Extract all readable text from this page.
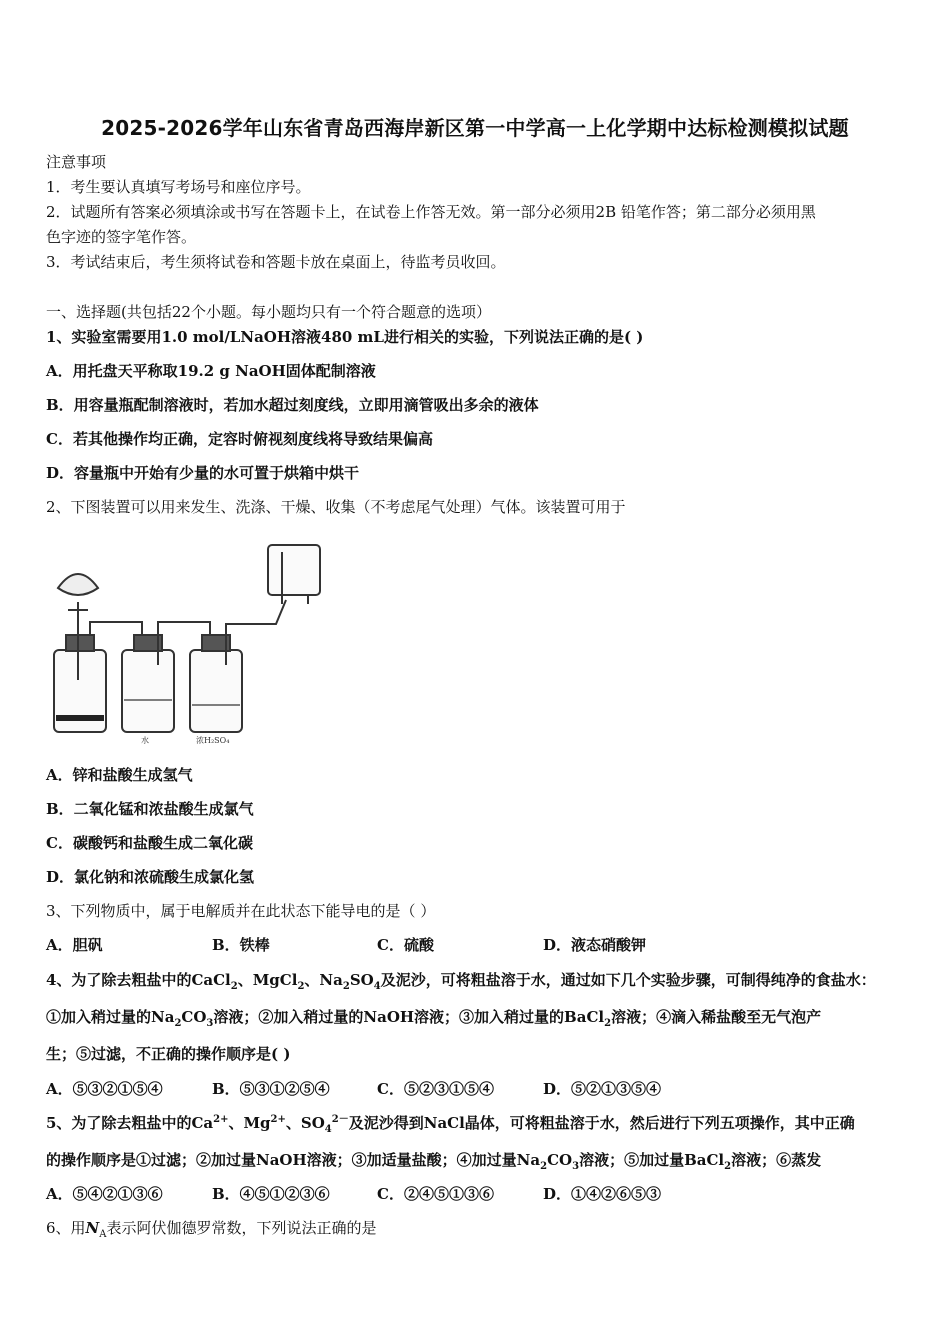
2025-2026学年山东省青岛西海岸新区第一中学高一上化学期中达标检测模拟试题
注意事项
1．考生要认真填写考场号和座位序号。
2．试题所有答案必须填涂或书写在答题卡上，在试卷上作答无效。第一部分必须用2B 铅笔作答；第二部分必须用黑
色字迹的签字笔作答。
3．考试结束后，考生须将试卷和答题卡放在桌面上，待监考员收回。
一、选择题(共包括22个小题。每小题均只有一个符合题意的选项）
1、实验室需要用1.0 mol/LNaOH溶液480 mL进行相关的实验，下列说法正确的是( )
A．用托盘天平称取19.2 g NaOH固体配制溶液
B．用容量瓶配制溶液时，若加水超过刻度线，立即用滴管吸出多余的液体
C．若其他操作均正确，定容时俯视刻度线将导致结果偏高
D．容量瓶中开始有少量的水可置于烘箱中烘干
2、下图装置可以用来发生、洗涤、干燥、收集（不考虑尾气处理）气体。该装置可用于
水	浓H₂SO₄
A．锌和盐酸生成氢气
B．二氧化锰和浓盐酸生成氯气
C．碳酸钙和盐酸生成二氧化碳
D．氯化钠和浓硫酸生成氯化氢
3、下列物质中，属于电解质并在此状态下能导电的是（ ）
A．胆矾	B．铁棒	C．硫酸	D．液态硝酸钾
4、为了除去粗盐中的CaCl$_2$、MgCl$_2$、$Na_2SO_4$及泥沙，可将粗盐溶于水，通过如下几个实验步骤，可制得纯净的食盐水：
①加入稍过量的$Na_2CO_3$溶液；②加入稍过量的NaOH溶液；③加入稍过量的BaCl$_2$溶液；④滴入稀盐酸至无气泡产
生；⑤过滤，不正确的操作顺序是( )
A．⑤③②①⑤④	B．⑤③①②⑤④	C．⑤②③①⑤④	D．⑤②①③⑤④
5、为了除去粗盐中的$Ca^{2+}$、$Mg^{2+}$、$SO_4^{2-}$及泥沙得到NaCl晶体，可将粗盐溶于水，然后进行下列五项操作，其中正确
的操作顺序是①过滤；②加过量NaOH溶液；③加适量盐酸；④加过量$Na_2CO_3$溶液；⑤加过量BaCl$_2$溶液；⑥蒸发
A．⑤④②①③⑥	B．④⑤①②③⑥	C．②④⑤①③⑥	D．①④②⑥⑤③
6、用$N_A$表示阿伏伽德罗常数，下列说法正确的是
